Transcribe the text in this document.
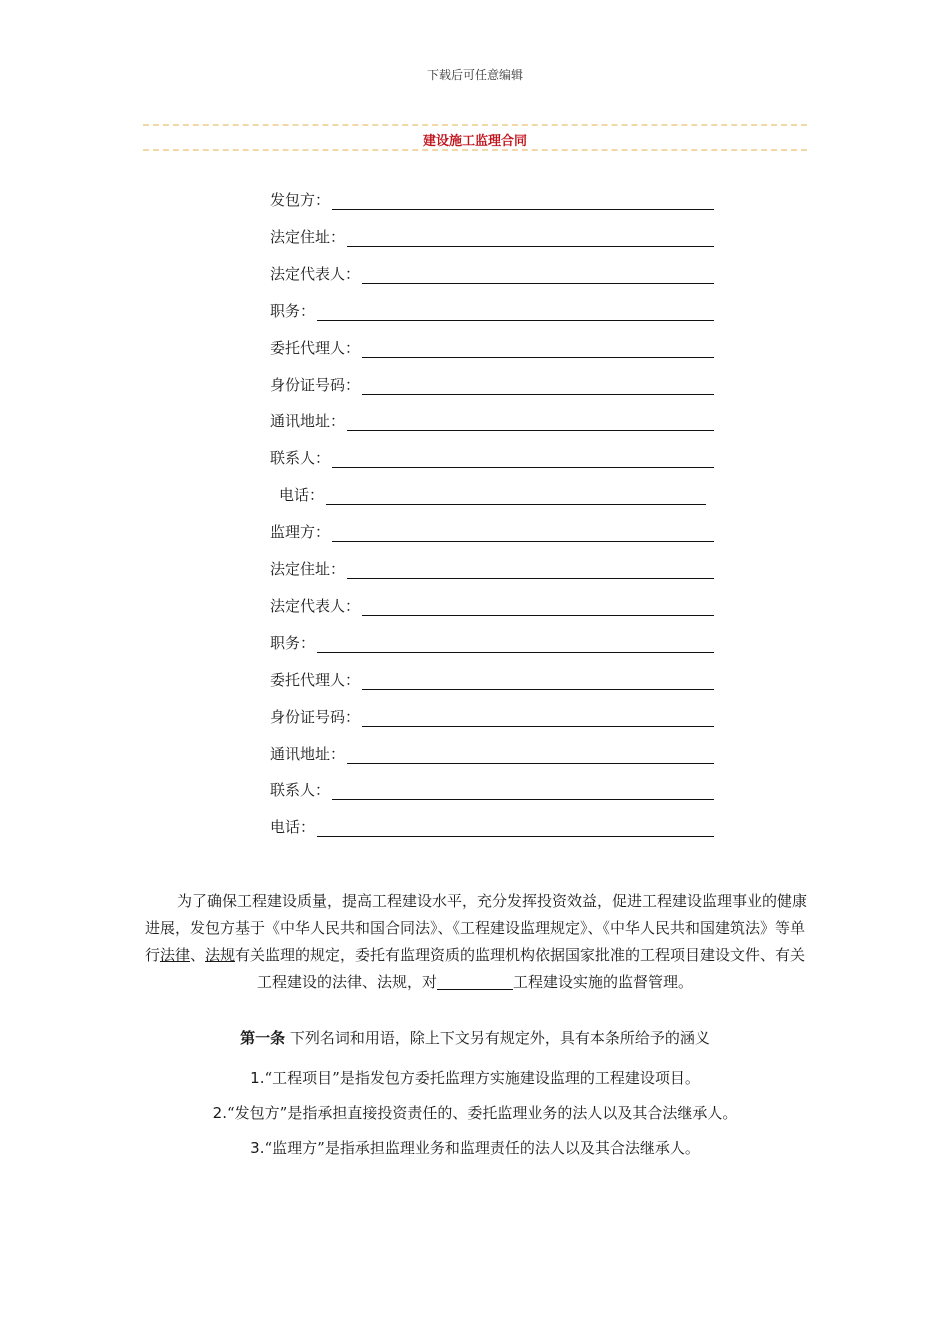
下载后可任意编辑
建设施工监理合同
发包方：
法定住址：
法定代表人：
职务：
委托代理人：
身份证号码：
通讯地址：
联系人：
电话：
监理方：
法定住址：
法定代表人：
职务：
委托代理人：
身份证号码：
通讯地址：
联系人：
电话：
为了确保工程建设质量，提高工程建设水平，充分发挥投资效益，促进工程建设监理事业的健康进展，发包方基于《中华人民共和国合同法》、《工程建设监理规定》、《中华人民共和国建筑法》等单行法律、法规有关监理的规定，委托有监理资质的监理机构依据国家批准的工程项目建设文件、有关工程建设的法律、法规，对	工程建设实施的监督管理。
第一条 下列名词和用语，除上下文另有规定外，具有本条所给予的涵义
1.“工程项目”是指发包方委托监理方实施建设监理的工程建设项目。
2.“发包方”是指承担直接投资责任的、委托监理业务的法人以及其合法继承人。
3.“监理方”是指承担监理业务和监理责任的法人以及其合法继承人。
